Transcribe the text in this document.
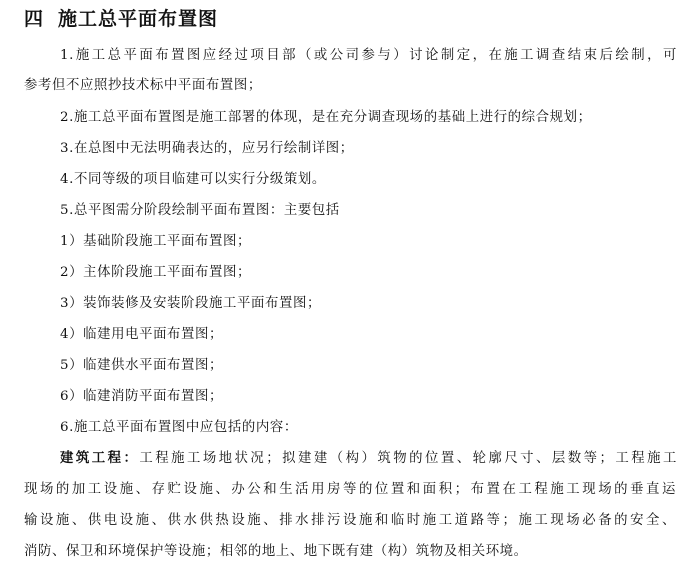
四 施工总平面布置图
1.施工总平面布置图应经过项目部（或公司参与）讨论制定，在施工调查结束后绘制，可
参考但不应照抄技术标中平面布置图；
2.施工总平面布置图是施工部署的体现，是在充分调查现场的基础上进行的综合规划；
3.在总图中无法明确表达的，应另行绘制详图；
4.不同等级的项目临建可以实行分级策划。
5.总平图需分阶段绘制平面布置图：主要包括
1）基础阶段施工平面布置图；
2）主体阶段施工平面布置图；
3）装饰装修及安装阶段施工平面布置图；
4）临建用电平面布置图；
5）临建供水平面布置图；
6）临建消防平面布置图；
6.施工总平面布置图中应包括的内容：
建筑工程：工程施工场地状况；拟建建（构）筑物的位置、轮廓尺寸、层数等；工程施工
现场的加工设施、存贮设施、办公和生活用房等的位置和面积；布置在工程施工现场的垂直运
输设施、供电设施、供水供热设施、排水排污设施和临时施工道路等；施工现场必备的安全、
消防、保卫和环境保护等设施；相邻的地上、地下既有建（构）筑物及相关环境。
